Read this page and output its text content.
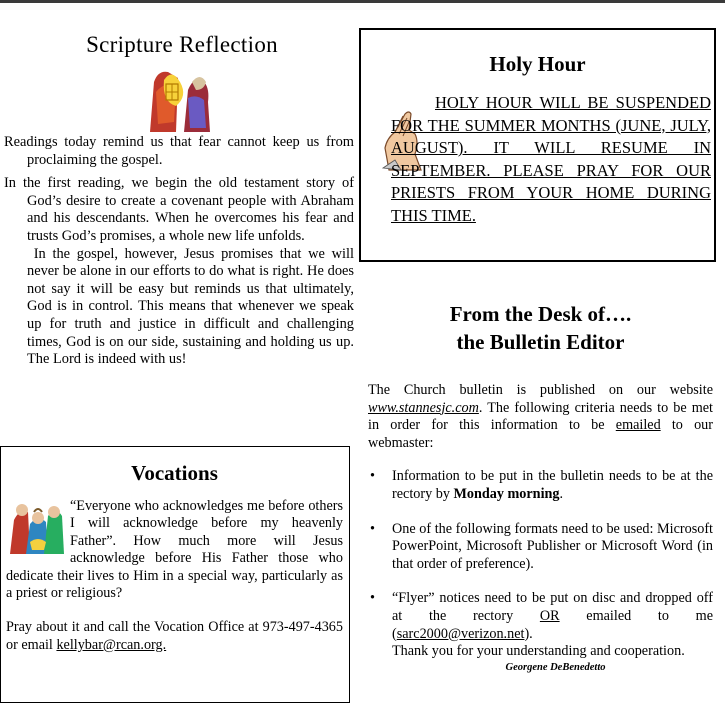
Scripture Reflection

Readings today remind us that fear cannot keep us from proclaiming the gospel.

In the first reading, we begin the old testament story of God’s desire to create a covenant people with Abraham and his descendants. When he overcomes his fear and trusts God’s promises, a whole new life unfolds.

In the gospel, however, Jesus promises that we will never be alone in our efforts to do what is right. He does not say it will be easy but reminds us that ultimately, God is in control. This means that whenever we speak up for truth and justice in difficult and challenging times, God is on our side, sustaining and holding us up. The Lord is indeed with us!

Holy Hour
HOLY HOUR WILL BE SUSPENDED FOR THE SUMMER MONTHS (JUNE, JULY, AUGUST). IT WILL RESUME IN SEPTEMBER. PLEASE PRAY FOR OUR PRIESTS FROM YOUR HOME DURING THIS TIME.
From the Desk of….
the Bulletin Editor

The Church bulletin is published on our website www.stannesjc.com. The following criteria needs to be met in order for this information to be emailed to our webmaster:

• Information to be put in the bulletin needs to be at the rectory by Monday morning.
• One of the following formats need to be used: Microsoft PowerPoint, Microsoft Publisher or Microsoft Word (in that order of preference).
• “Flyer” notices need to be put on disc and dropped off at the rectory OR emailed to me (sarc2000@verizon.net).
Thank you for your understanding and cooperation.
Georgene DeBenedetto
Vocations

“Everyone who acknowledges me before others I will acknowledge before my heavenly Father”. How much more will Jesus acknowledge before His Father those who dedicate their lives to Him in a special way, particularly as a priest or religious?

Pray about it and call the Vocation Office at 973-497-4365 or email kellybar@rcan.org.
